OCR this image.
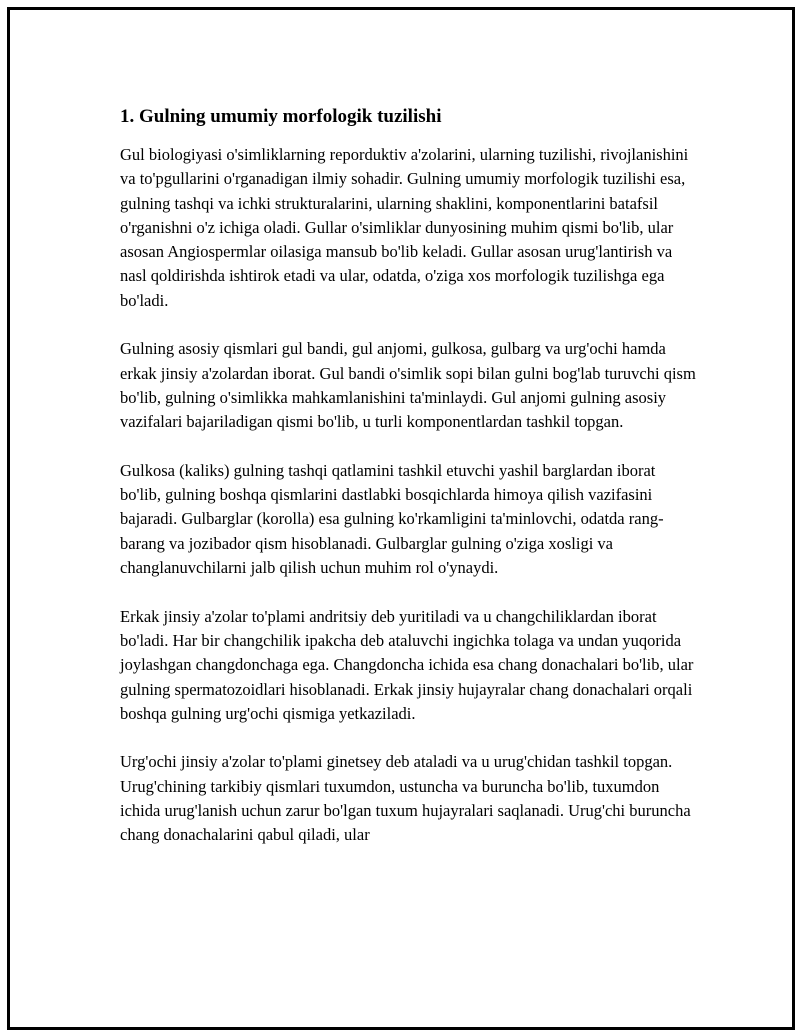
1. Gulning umumiy morfologik tuzilishi

Gul biologiyasi o'simliklarning reporduktiv a'zolarini, ularning tuzilishi, rivojlanishini va to'pgullarini o'rganadigan ilmiy sohadir. Gulning umumiy morfologik tuzilishi esa, gulning tashqi va ichki strukturalarini, ularning shaklini, komponentlarini batafsil o'rganishni o'z ichiga oladi. Gullar o'simliklar dunyosining muhim qismi bo'lib, ular asosan Angiospermlar oilasiga mansub bo'lib keladi. Gullar asosan urug'lantirish va nasl qoldirishda ishtirok etadi va ular, odatda, o'ziga xos morfologik tuzilishga ega bo'ladi.

Gulning asosiy qismlari gul bandi, gul anjomi, gulkosa, gulbarg va urg'ochi hamda erkak jinsiy a'zolardan iborat. Gul bandi o'simlik sopi bilan gulni bog'lab turuvchi qism bo'lib, gulning o'simlikka mahkamlanishini ta'minlaydi. Gul anjomi gulning asosiy vazifalari bajariladigan qismi bo'lib, u turli komponentlardan tashkil topgan.

Gulkosa (kaliks) gulning tashqi qatlamini tashkil etuvchi yashil barglardan iborat bo'lib, gulning boshqa qismlarini dastlabki bosqichlarda himoya qilish vazifasini bajaradi. Gulbarglar (korolla) esa gulning ko'rkamligini ta'minlovchi, odatda rang-barang va jozibador qism hisoblanadi. Gulbarglar gulning o'ziga xosligi va changlanuvchilarni jalb qilish uchun muhim rol o'ynaydi.

Erkak jinsiy a'zolar to'plami andritsiy deb yuritiladi va u changchiliklardan iborat bo'ladi. Har bir changchilik ipakcha deb ataluvchi ingichka tolaga va undan yuqorida joylashgan changdonchaga ega. Changdoncha ichida esa chang donachalari bo'lib, ular gulning spermatozoidlari hisoblanadi. Erkak jinsiy hujayralar chang donachalari orqali boshqa gulning urg'ochi qismiga yetkaziladi.

Urg'ochi jinsiy a'zolar to'plami ginetsey deb ataladi va u urug'chidan tashkil topgan. Urug'chining tarkibiy qismlari tuxumdon, ustuncha va buruncha bo'lib, tuxumdon ichida urug'lanish uchun zarur bo'lgan tuxum hujayralari saqlanadi. Urug'chi buruncha chang donachalarini qabul qiladi, ular
